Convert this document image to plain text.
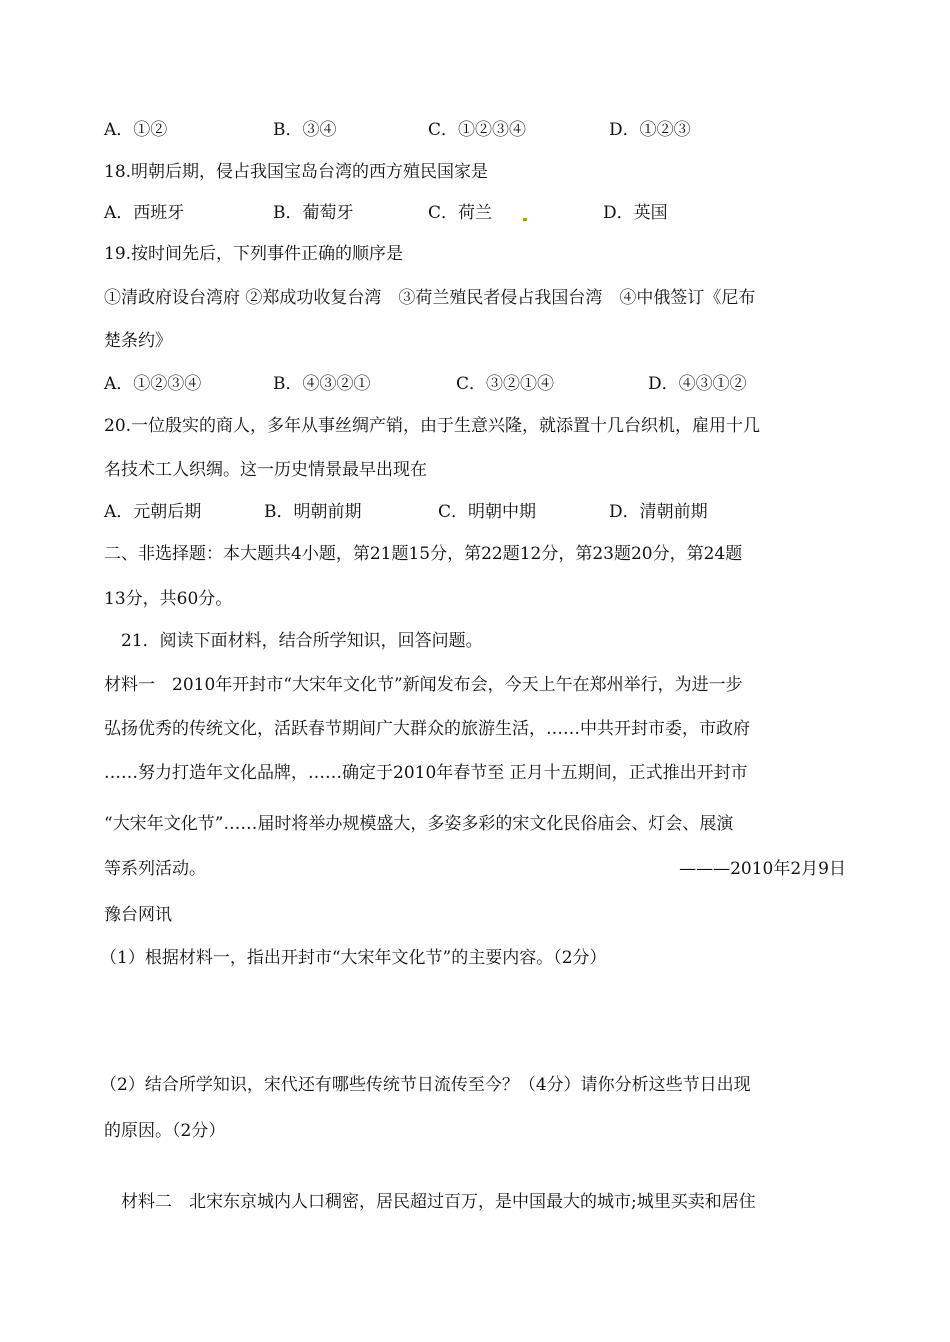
A．①②	B．③④	C．①②③④	D．①②③
18.明朝后期，侵占我国宝岛台湾的西方殖民国家是
A．西班牙	B．葡萄牙	C．荷兰	D．英国
19.按时间先后，下列事件正确的顺序是
①清政府设台湾府 ②郑成功收复台湾　③荷兰殖民者侵占我国台湾　④中俄签订《尼布
楚条约》
A．①②③④	B．④③②①	C．③②①④	D．④③①②
20.一位殷实的商人，多年从事丝绸产销，由于生意兴隆，就添置十几台织机，雇用十几
名技术工人织绸。这一历史情景最早出现在
A．元朝后期	B．明朝前期	C．明朝中期	D．清朝前期
二、非选择题：本大题共4小题，第21题15分，第22题12分，第23题20分，第24题
13分，共60分。
21．阅读下面材料，结合所学知识，回答问题。
材料一　2010年开封市“大宋年文化节”新闻发布会，今天上午在郑州举行，为进一步
弘扬优秀的传统文化，活跃春节期间广大群众的旅游生活，……中共开封市委，市政府
……努力打造年文化品牌，……确定于2010年春节至 正月十五期间，正式推出开封市
“大宋年文化节”……届时将举办规模盛大，多姿多彩的宋文化民俗庙会、灯会、展演
等系列活动。	———2010年2月9日
豫台网讯
（1）根据材料一，指出开封市“大宋年文化节”的主要内容。（2分）
（2）结合所学知识，宋代还有哪些传统节日流传至今？（4分）请你分析这些节日出现
的原因。（2分）
材料二　北宋东京城内人口稠密，居民超过百万，是中国最大的城市;城里买卖和居住
